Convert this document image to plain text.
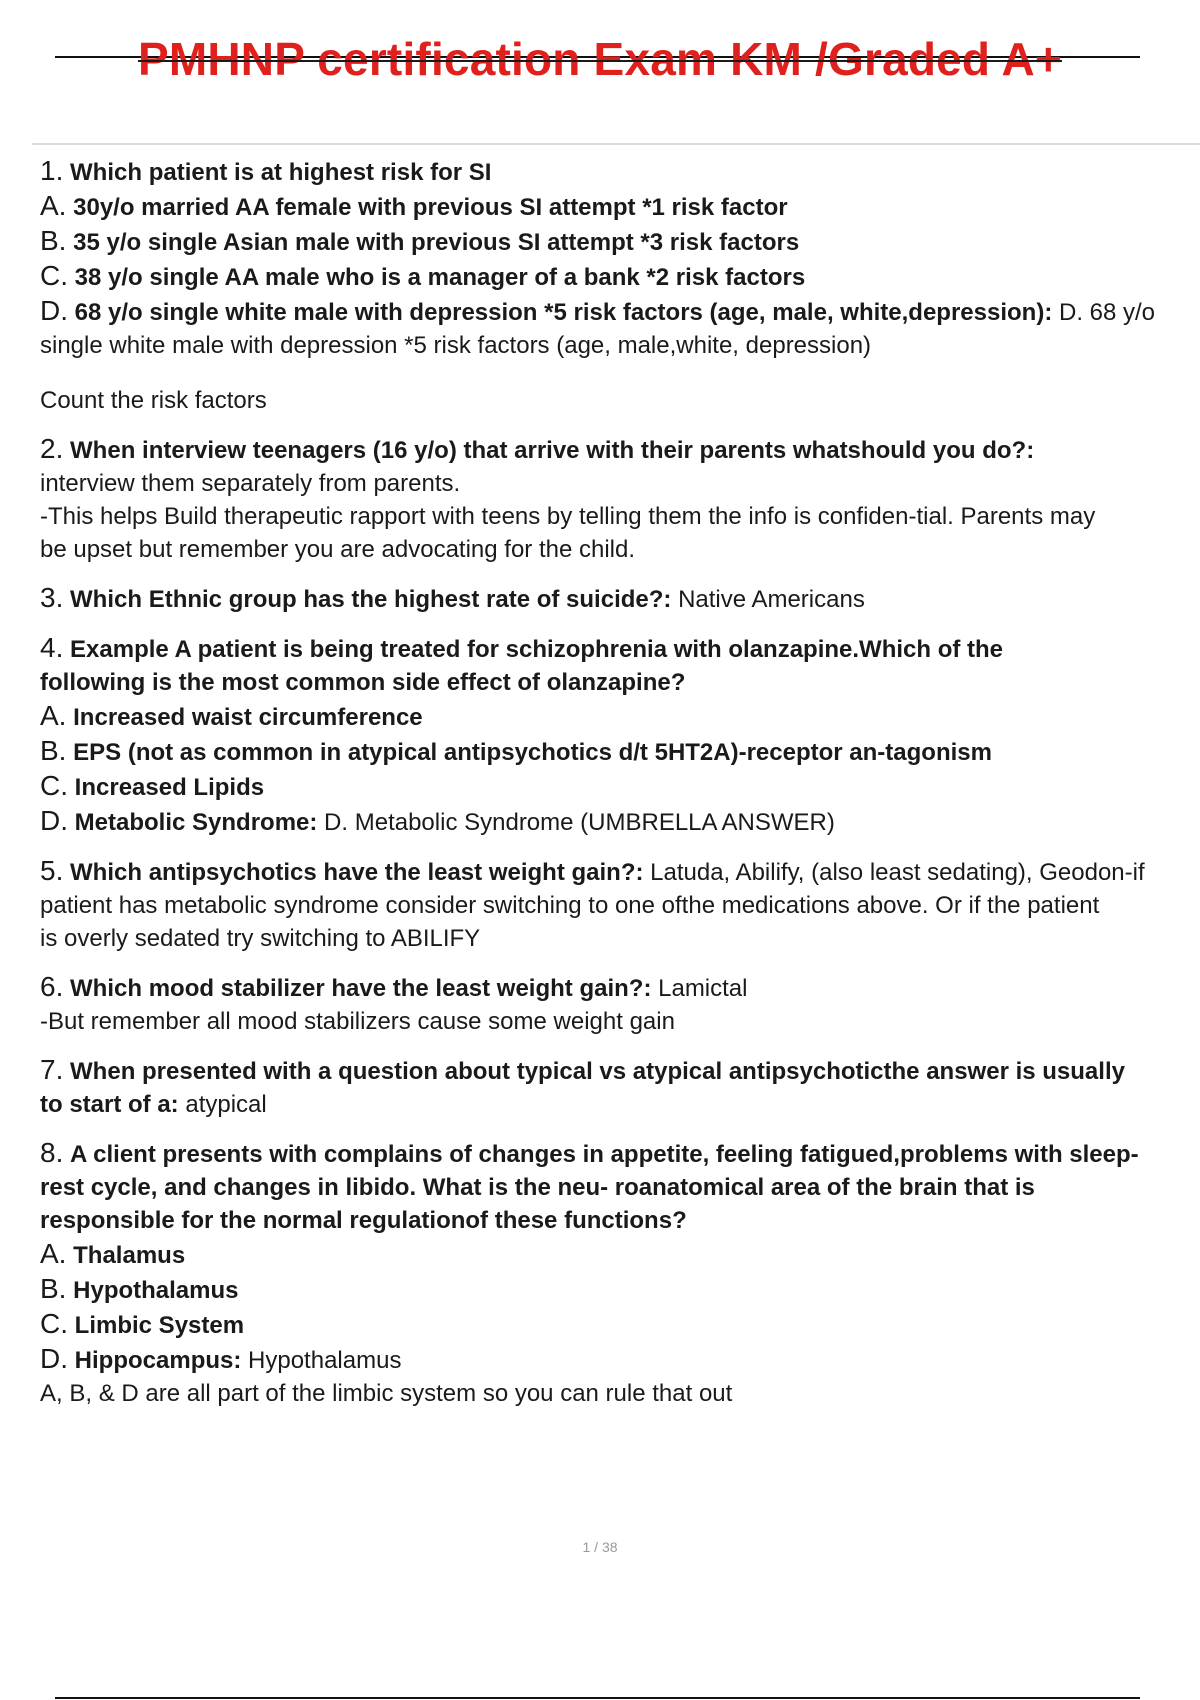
PMHNP certification Exam KM /Graded A+
1. Which patient is at highest risk for SI
A. 30y/o married AA female with previous SI attempt *1 risk factor
B. 35 y/o single Asian male with previous SI attempt *3 risk factors
C. 38 y/o single AA male who is a manager of a bank *2 risk factors
D. 68 y/o single white male with depression *5 risk factors (age, male, white,depression): D. 68 y/o
single white male with depression *5 risk factors (age, male,white, depression)
Count the risk factors
2. When interview teenagers (16 y/o) that arrive with their parents whatshould you do?:
interview them separately from parents.
-This helps Build therapeutic rapport with teens by telling them the info is confiden-tial. Parents may
be upset but remember you are advocating for the child.
3. Which Ethnic group has the highest rate of suicide?: Native Americans
4. Example A patient is being treated for schizophrenia with olanzapine.Which of the
following is the most common side effect of olanzapine?
A. Increased waist circumference
B. EPS (not as common in atypical antipsychotics d/t 5HT2A)-receptor an-tagonism
C. Increased Lipids
D. Metabolic Syndrome: D. Metabolic Syndrome (UMBRELLA ANSWER)
5. Which antipsychotics have the least weight gain?: Latuda, Abilify, (also least sedating), Geodon-if
patient has metabolic syndrome consider switching to one ofthe medications above. Or if the patient
is overly sedated try switching to ABILIFY
6. Which mood stabilizer have the least weight gain?: Lamictal
-But remember all mood stabilizers cause some weight gain
7. When presented with a question about typical vs atypical antipsychoticthe answer is usually
to start of a: atypical
8. A client presents with complains of changes in appetite, feeling fatigued,problems with sleep-
rest cycle, and changes in libido. What is the neu- roanatomical area of the brain that is
responsible for the normal regulationof these functions?
A. Thalamus
B. Hypothalamus
C. Limbic System
D. Hippocampus: Hypothalamus
A, B, & D are all part of the limbic system so you can rule that out
1 / 38
